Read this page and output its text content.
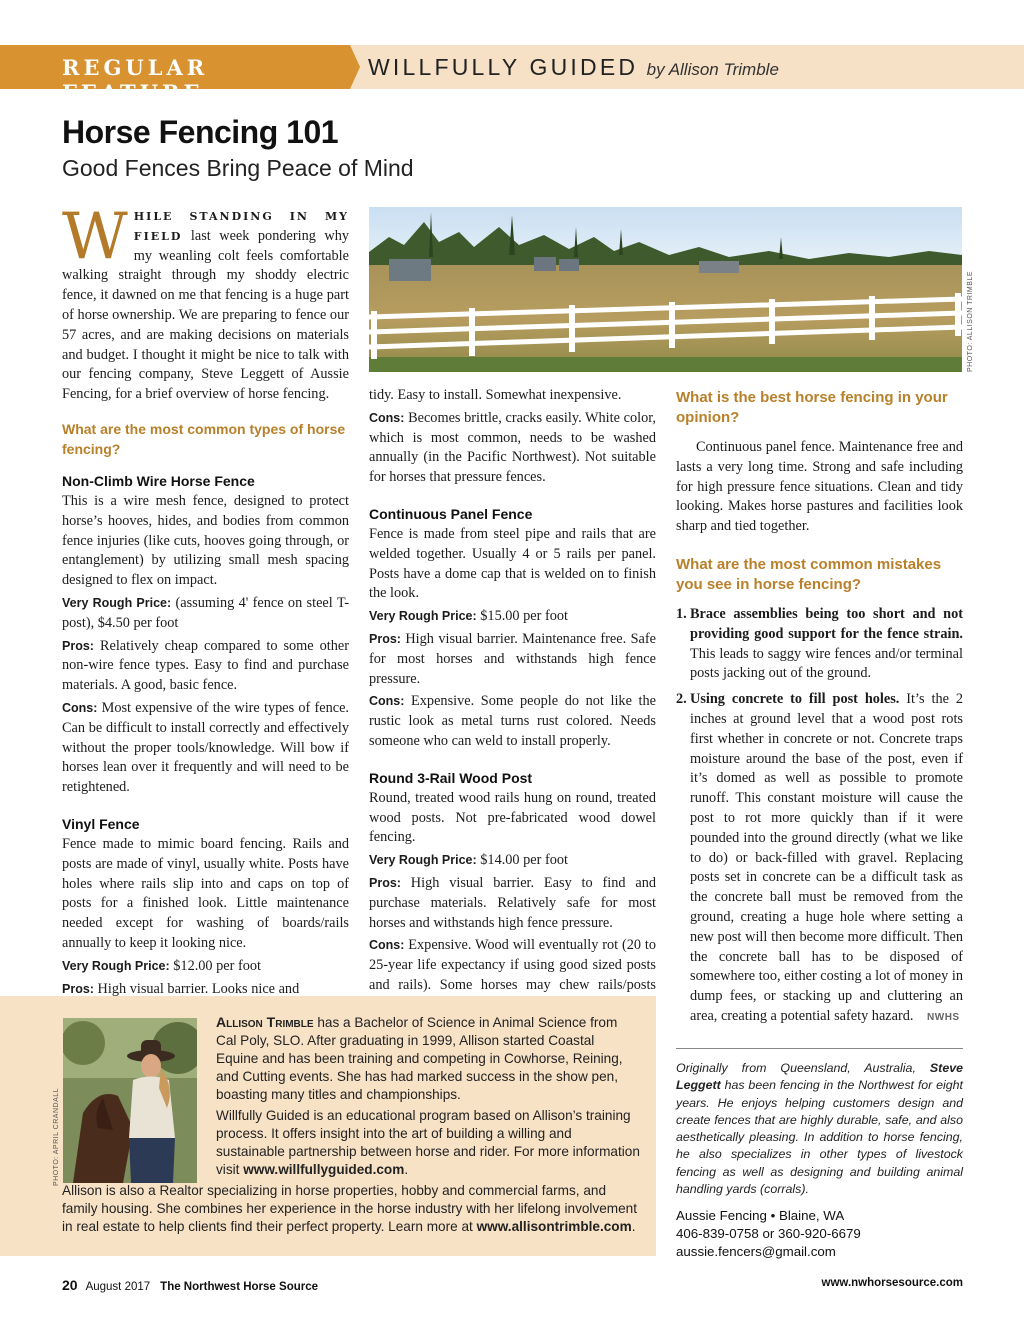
REGULAR FEATURE
WILLFULLY GUIDED by Allison Trimble
Horse Fencing 101
Good Fences Bring Peace of Mind
PHOTO: ALLISON TRIMBLE

WHILE STANDING IN MY FIELD last week pondering why my weanling colt feels comfortable walking straight through my shoddy electric fence, it dawned on me that fencing is a huge part of horse ownership. We are preparing to fence our 57 acres, and are making decisions on materials and budget. I thought it might be nice to talk with our fencing company, Steve Leggett of Aussie Fencing, for a brief overview of horse fencing.

What are the most common types of horse fencing?
Non-Climb Wire Horse Fence

This is a wire mesh fence, designed to protect horse’s hooves, hides, and bodies from common fence injuries (like cuts, hooves going through, or entanglement) by utilizing small mesh spacing designed to flex on impact.

Very Rough Price: (assuming 4' fence on steel T-post), $4.50 per foot

Pros: Relatively cheap compared to some other non-wire fence types. Easy to find and purchase materials. A good, basic fence.

Cons: Most expensive of the wire types of fence. Can be difficult to install correctly and effectively without the proper tools/knowledge. Will bow if horses lean over it frequently and will need to be retightened.

Vinyl Fence

Fence made to mimic board fencing. Rails and posts are made of vinyl, usually white. Posts have holes where rails slip into and caps on top of posts for a finished look. Little maintenance needed except for washing of boards/rails annually to keep it looking nice.

Very Rough Price: $12.00 per foot

Pros: High visual barrier. Looks nice and

tidy. Easy to install. Somewhat inexpensive.

Cons: Becomes brittle, cracks easily. White color, which is most common, needs to be washed annually (in the Pacific Northwest). Not suitable for horses that pressure fences.

Continuous Panel Fence

Fence is made from steel pipe and rails that are welded together. Usually 4 or 5 rails per panel. Posts have a dome cap that is welded on to finish the look.

Very Rough Price: $15.00 per foot

Pros: High visual barrier. Maintenance free. Safe for most horses and withstands high fence pressure.

Cons: Expensive. Some people do not like the rustic look as metal turns rust colored. Needs someone who can weld to install properly.

Round 3-Rail Wood Post

Round, treated wood rails hung on round, treated wood posts. Not pre-fabricated wood dowel fencing.

Very Rough Price: $14.00 per foot

Pros: High visual barrier. Easy to find and purchase materials. Relatively safe for most horses and withstands high fence pressure.

Cons: Expensive. Wood will eventually rot (20 to 25-year life expectancy if using good sized posts and rails). Some horses may chew rails/posts

What is the best horse fencing in your opinion?

Continuous panel fence. Maintenance free and lasts a very long time. Strong and safe including for high pressure fence situations. Clean and tidy looking. Makes horse pastures and facilities look sharp and tied together.

What are the most common mistakes you see in horse fencing?
1. Brace assemblies being too short and not providing good support for the fence strain. This leads to saggy wire fences and/or terminal posts jacking out of the ground.
2. Using concrete to fill post holes. It’s the 2 inches at ground level that a wood post rots first whether in concrete or not. Concrete traps moisture around the base of the post, even if it’s domed as well as possible to promote runoff. This constant moisture will cause the post to rot more quickly than if it were pounded into the ground directly (what we like to do) or back-filled with gravel. Replacing posts set in concrete can be a difficult task as the concrete ball must be removed from the ground, creating a huge hole where setting a new post will then become more difficult. Then the concrete ball has to be disposed of somewhere too, either costing a lot of money in dump fees, or stacking up and cluttering an area, creating a potential safety hazard. NWHS
PHOTO: APRIL CRANDALL

Allison Trimble has a Bachelor of Science in Animal Science from Cal Poly, SLO. After graduating in 1999, Allison started Coastal Equine and has been training and competing in Cowhorse, Reining, and Cutting events. She has had marked success in the show pen, boasting many titles and championships.

Willfully Guided is an educational program based on Allison’s training process. It offers insight into the art of building a willing and sustainable partnership between horse and rider. For more information visit www.willfullyguided.com.

Allison is also a Realtor specializing in horse properties, hobby and commercial farms, and family housing. She combines her experience in the horse industry with her lifelong involvement in real estate to help clients find their perfect property. Learn more at www.allisontrimble.com.

Originally from Queensland, Australia, Steve Leggett has been fencing in the Northwest for eight years. He enjoys helping customers design and create fences that are highly durable, safe, and also aesthetically pleasing. In addition to horse fencing, he also specializes in other types of livestock fencing as well as designing and building animal handling yards (corrals).
Aussie Fencing • Blaine, WA
406-839-0758 or 360-920-6679
aussie.fencers@gmail.com
20 August 2017 The Northwest Horse Source	www.nwhorsesource.com
